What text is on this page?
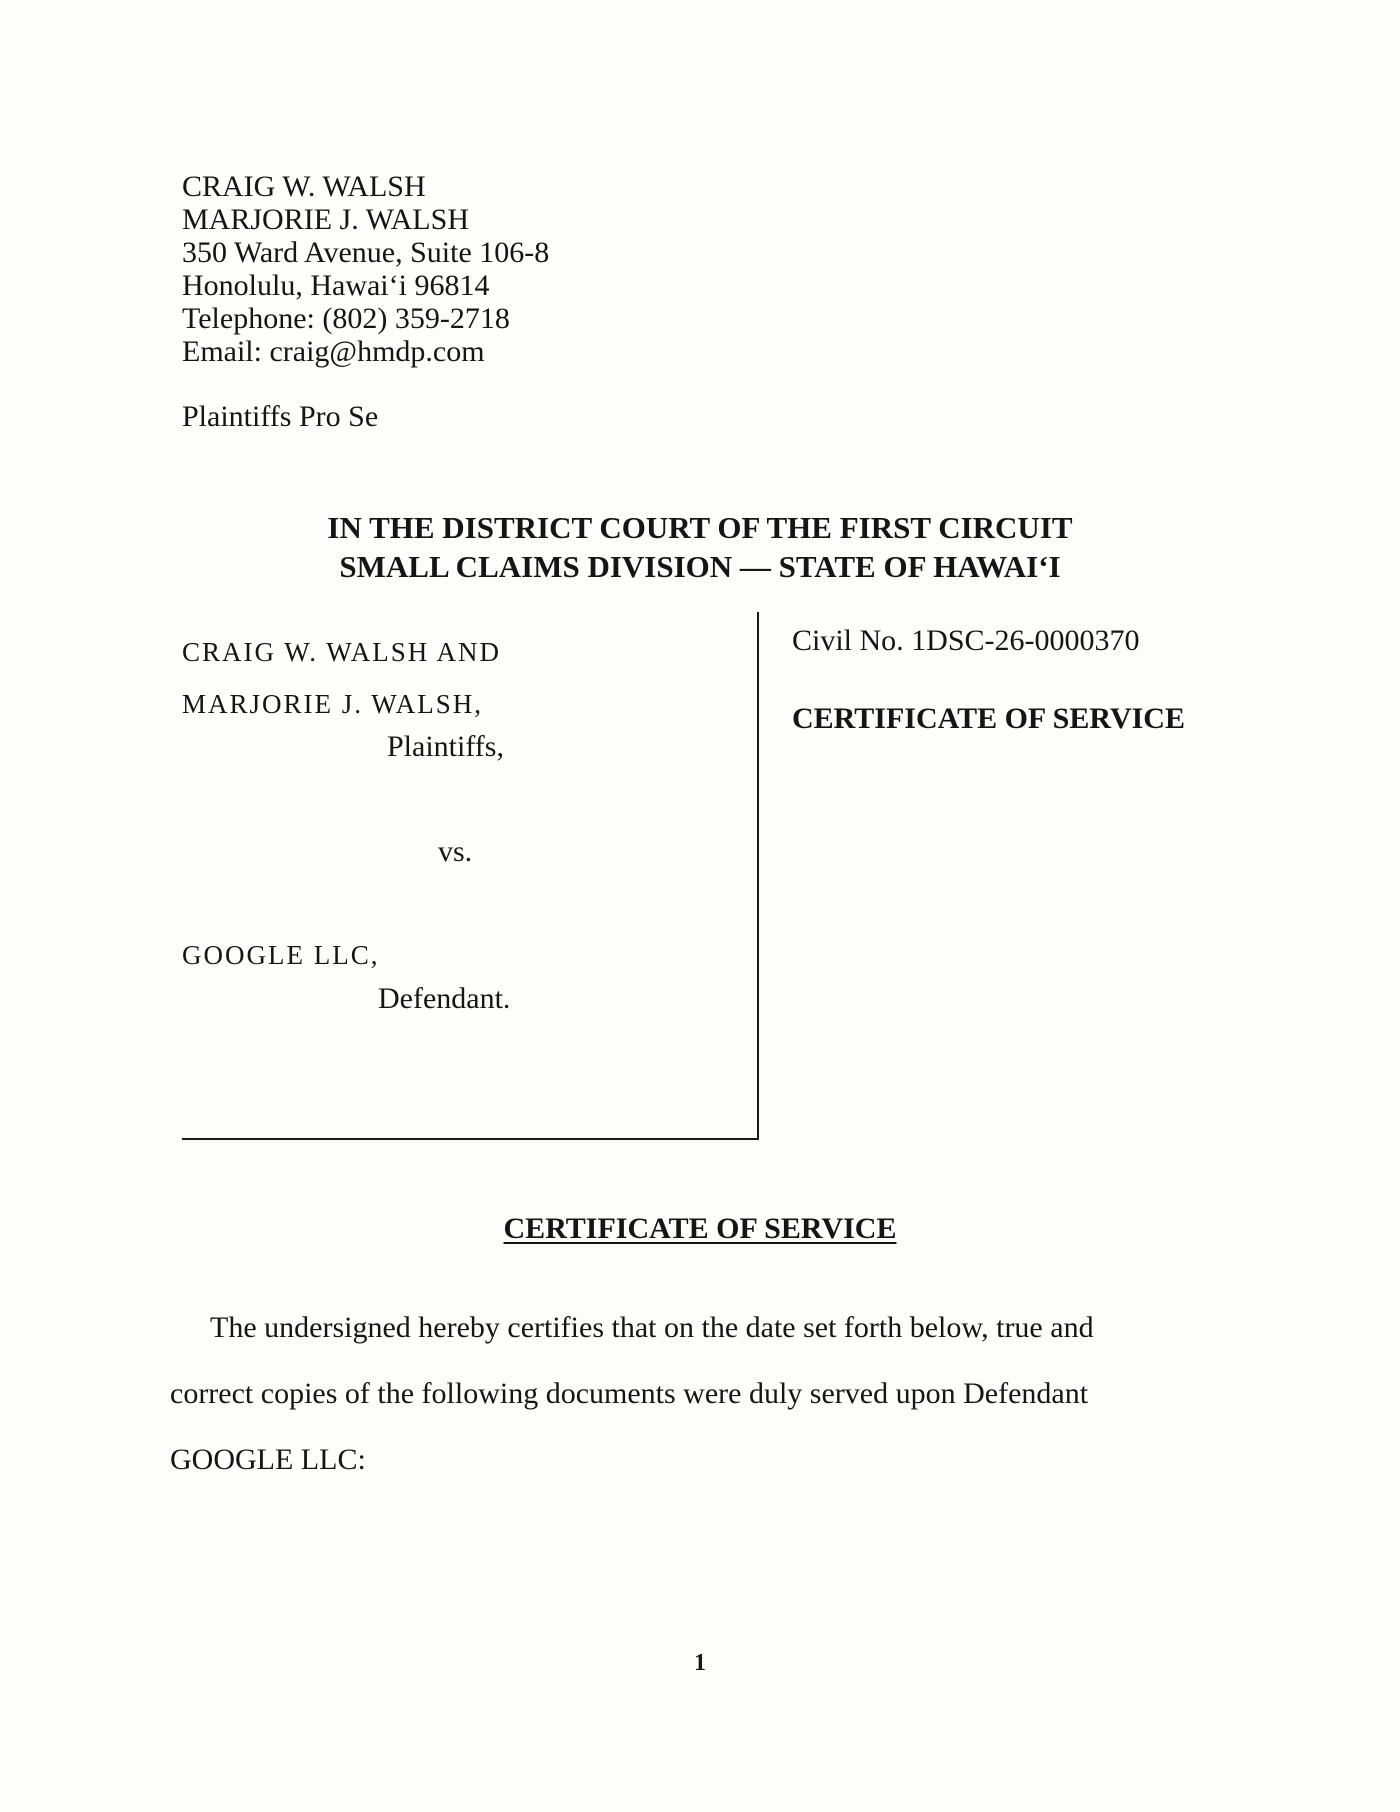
CRAIG W. WALSH
MARJORIE J. WALSH
350 Ward Avenue, Suite 106-8
Honolulu, Hawaiʻi 96814
Telephone: (802) 359-2718
Email: craig@hmdp.com
Plaintiffs Pro Se
IN THE DISTRICT COURT OF THE FIRST CIRCUIT
SMALL CLAIMS DIVISION — STATE OF HAWAIʻI
CRAIG W. WALSH AND
MARJORIE J. WALSH,
Plaintiffs,
vs.
GOOGLE LLC,
Defendant.
Civil No. 1DSC-26-0000370
CERTIFICATE OF SERVICE
CERTIFICATE OF SERVICE
The undersigned hereby certifies that on the date set forth below, true and
correct copies of the following documents were duly served upon Defendant
GOOGLE LLC:
1
